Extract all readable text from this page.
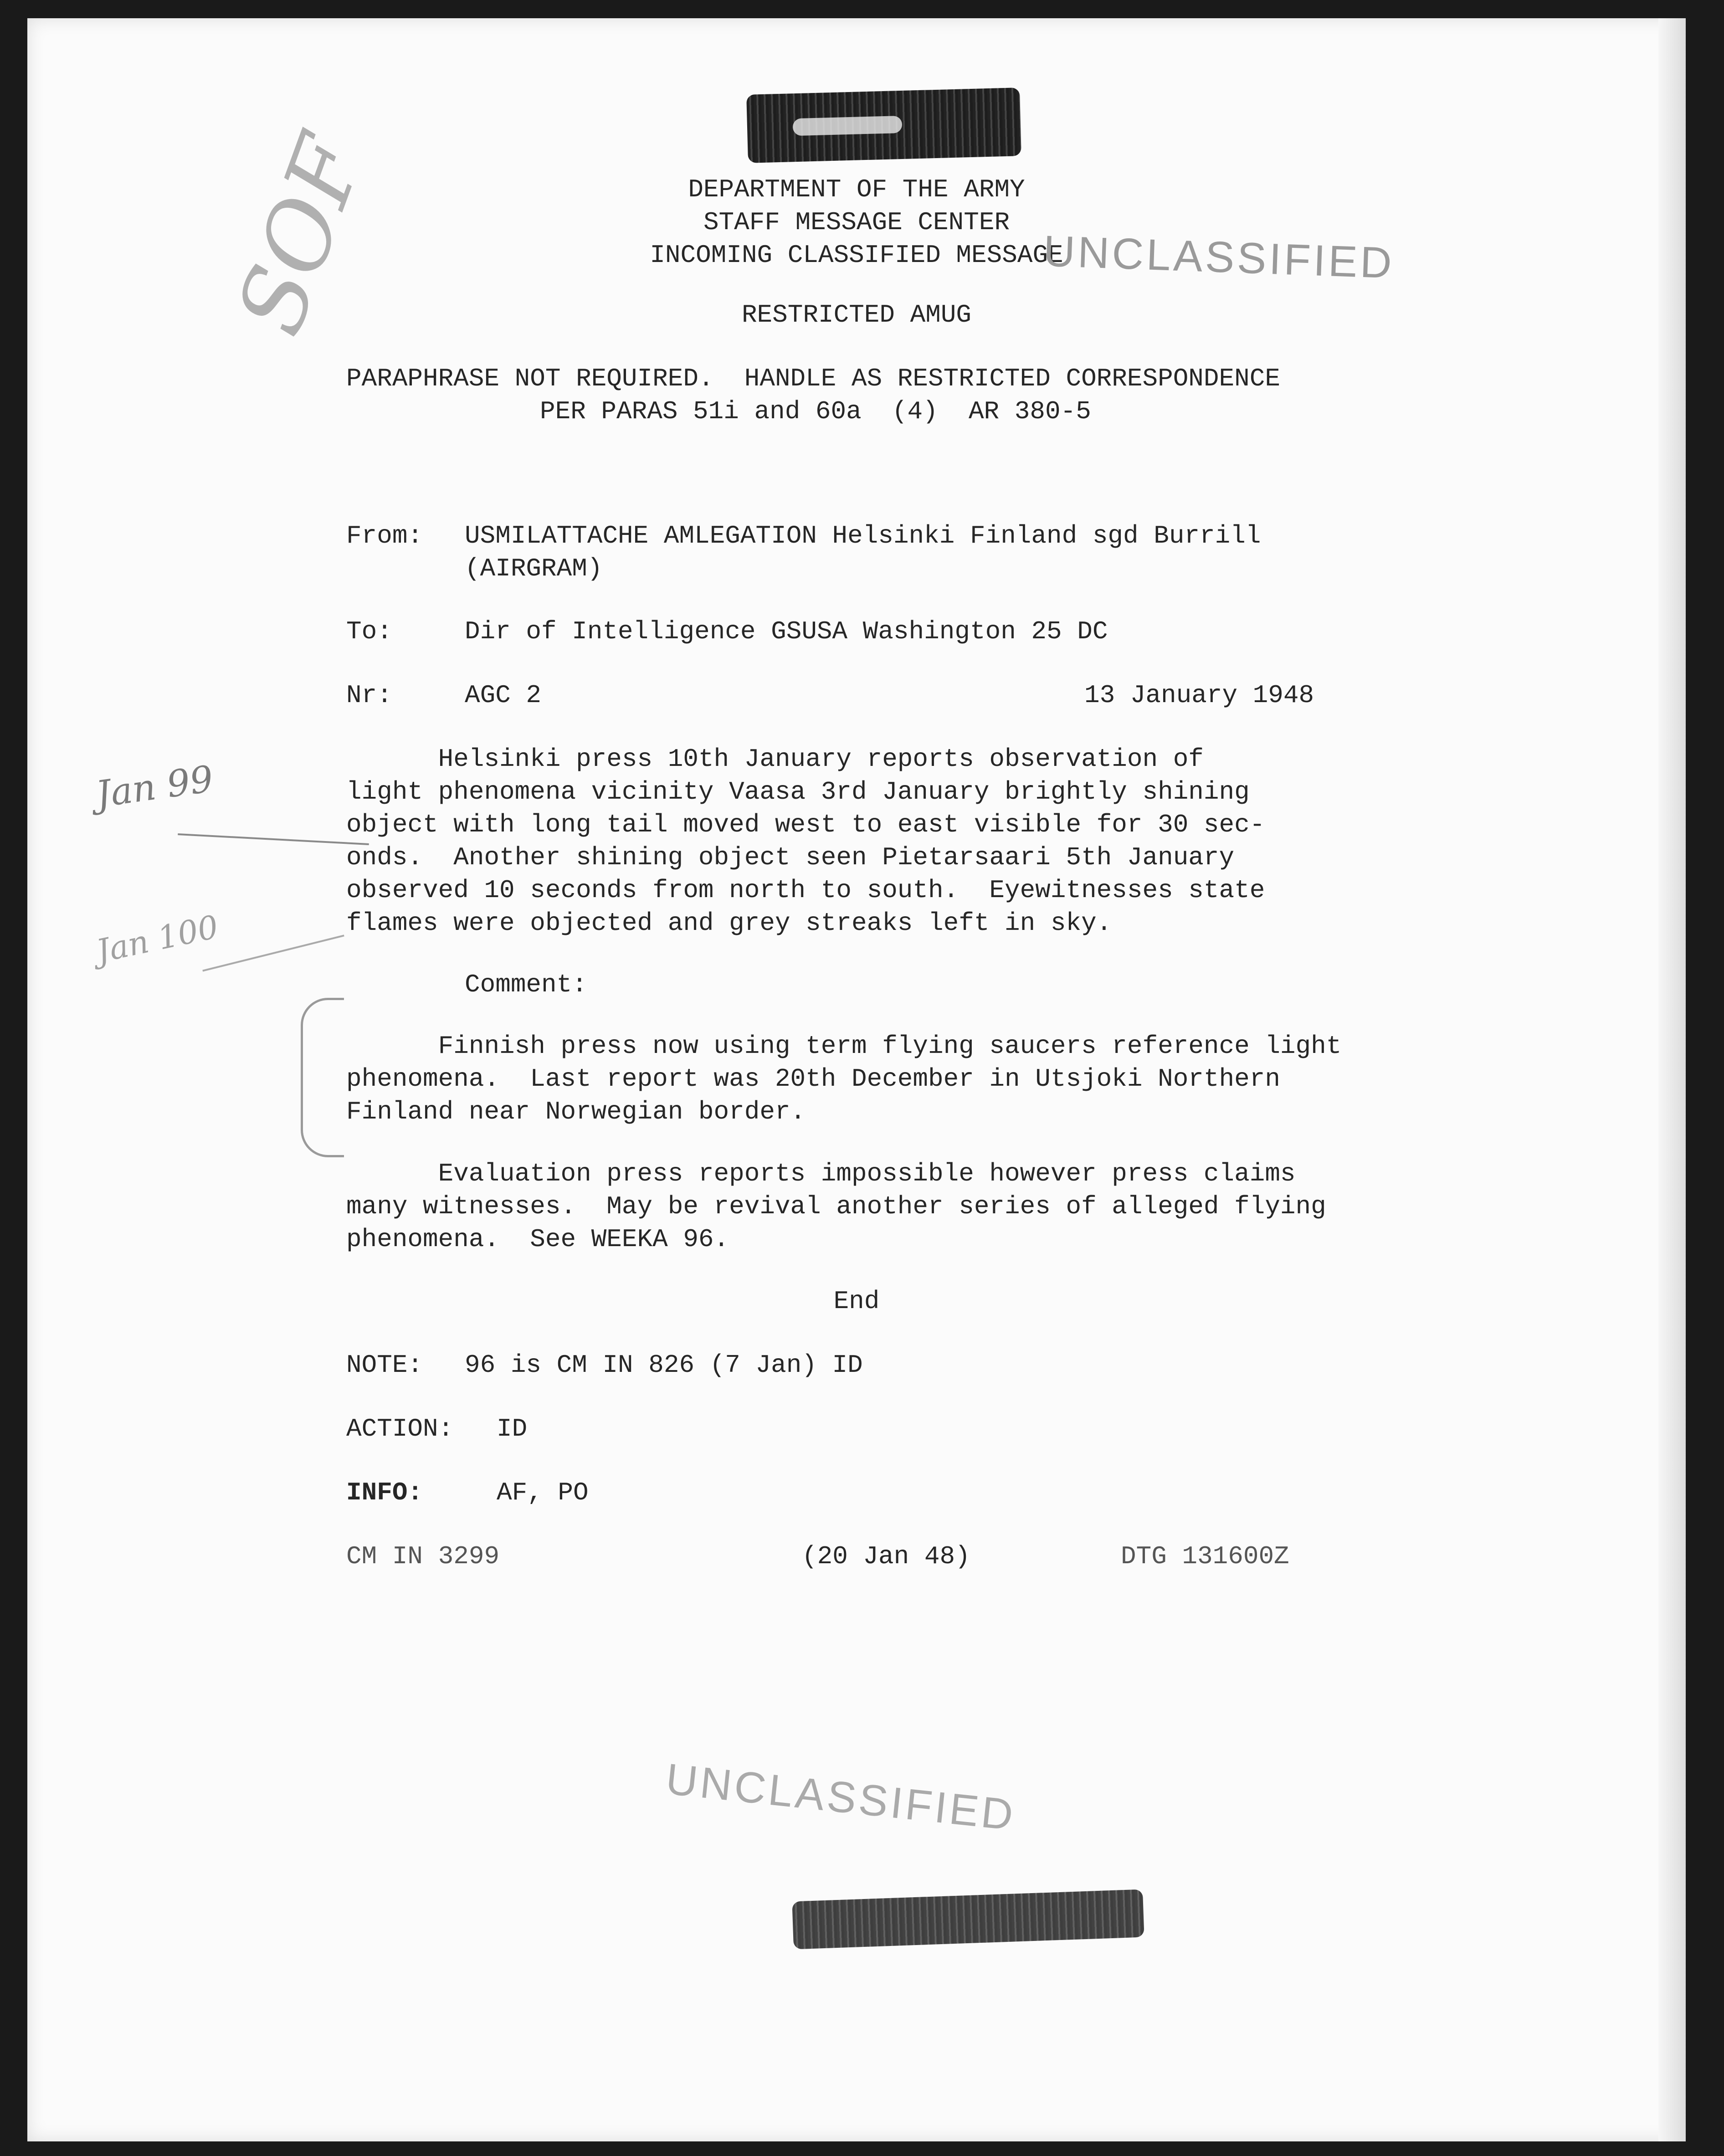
SOF
Jan 99
Jan 100
DEPARTMENT OF THE ARMY
STAFF MESSAGE CENTER
INCOMING CLASSIFIED MESSAGE
UNCLASSIFIED
RESTRICTED AMUG
PARAPHRASE NOT REQUIRED.  HANDLE AS RESTRICTED CORRESPONDENCE
PER PARAS 51i and 60a  (4)  AR 380-5
From: USMILATTACHE AMLEGATION Helsinki Finland sgd Burrill
(AIRGRAM)
To:	Dir of Intelligence GSUSA Washington 25 DC
Nr:	AGC 2	13 January 1948
Helsinki press 10th January reports observation of
light phenomena vicinity Vaasa 3rd January brightly shining
object with long tail moved west to east visible for 30 sec-
onds.  Another shining object seen Pietarsaari 5th January
observed 10 seconds from north to south.  Eyewitnesses state
flames were objected and grey streaks left in sky.
Comment:
Finnish press now using term flying saucers reference light
phenomena.  Last report was 20th December in Utsjoki Northern
Finland near Norwegian border.
Evaluation press reports impossible however press claims
many witnesses.  May be revival another series of alleged flying
phenomena.  See WEEKA 96.
End
NOTE: 96 is CM IN 826 (7 Jan) ID
ACTION: ID
INFO:	AF, PO
CM IN 3299	(20 Jan 48)	DTG 131600Z
UNCLASSIFIED
